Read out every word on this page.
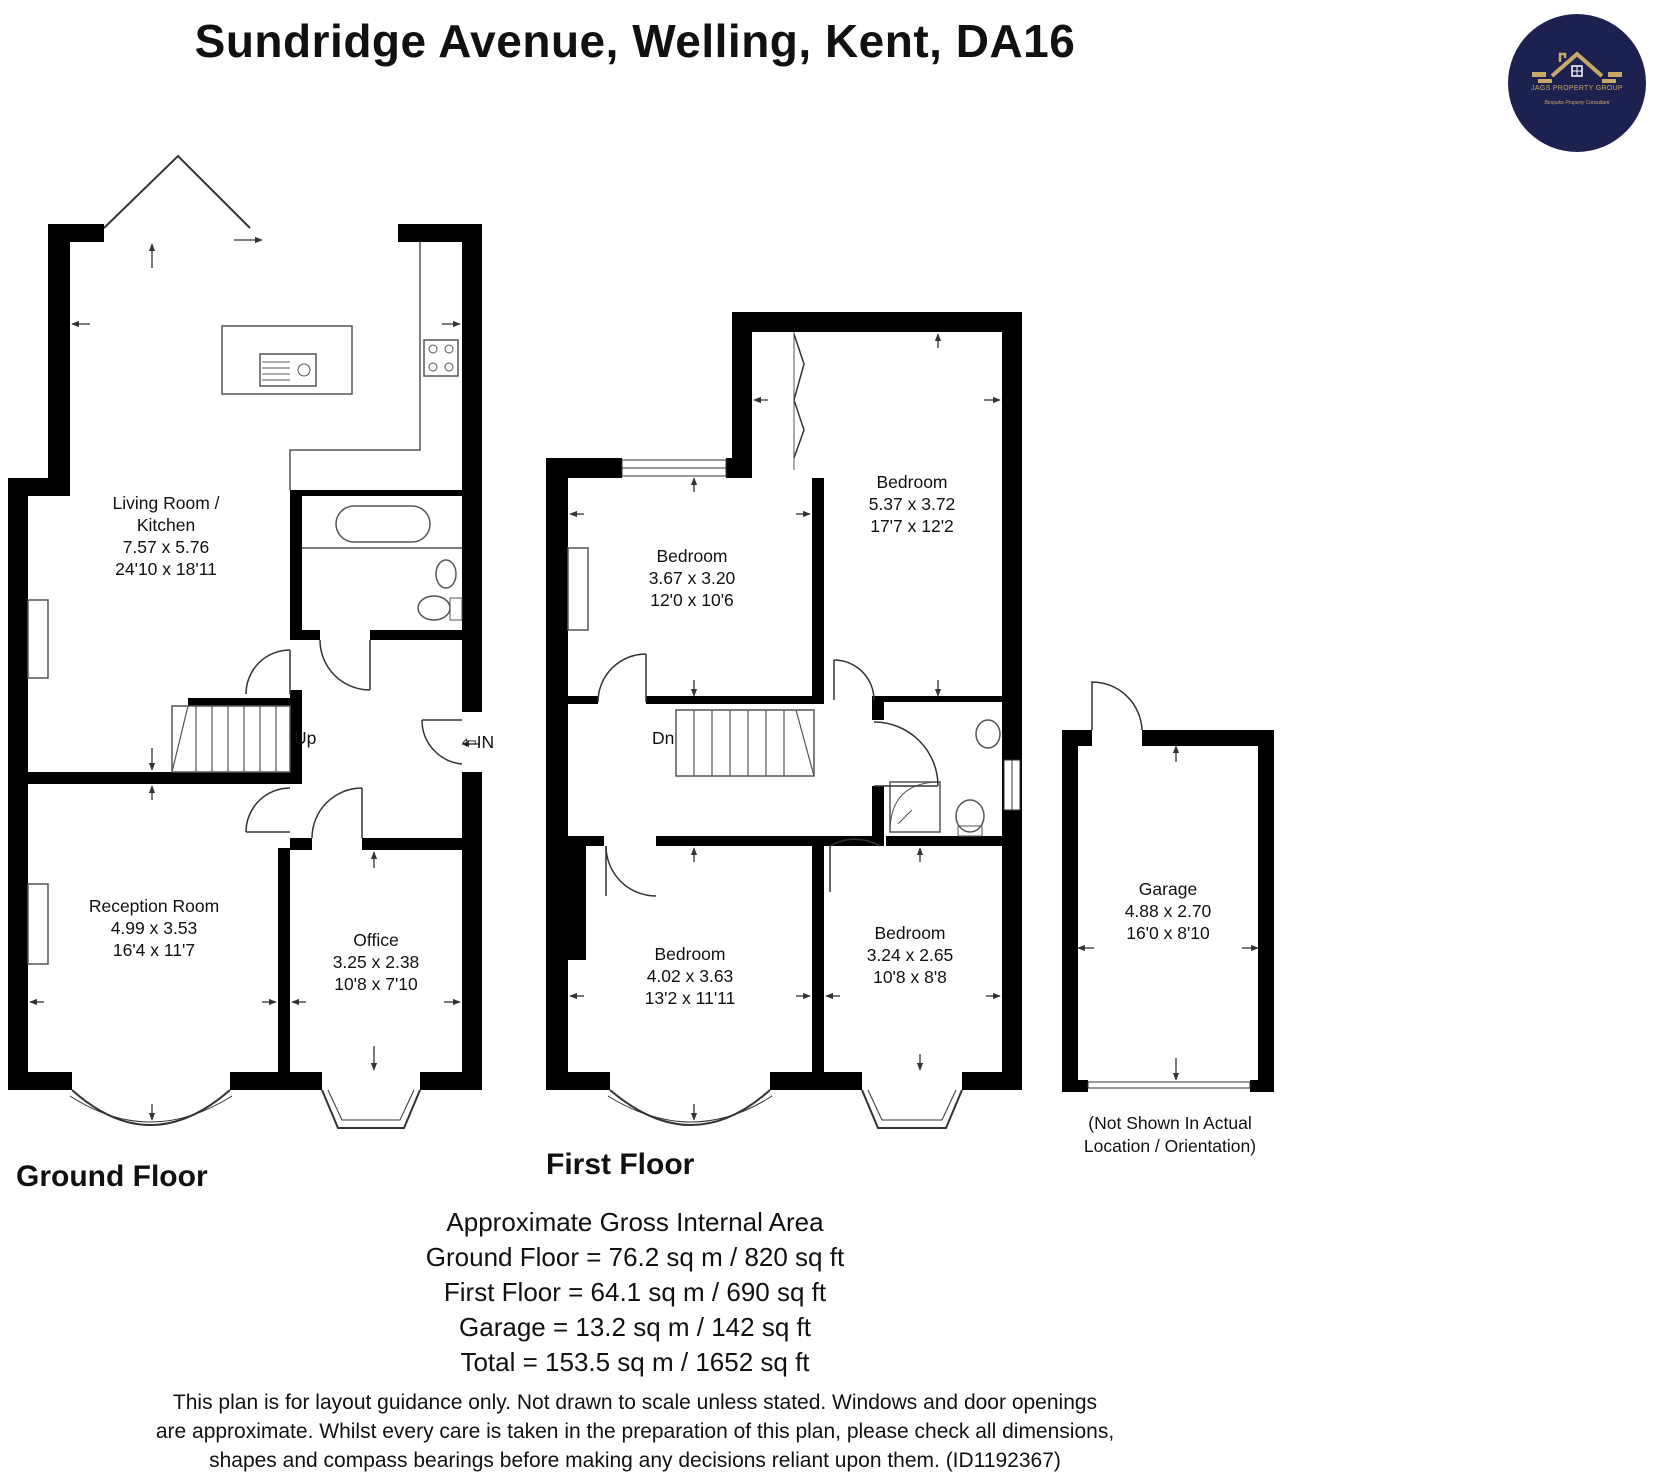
Sundridge Avenue, Welling, Kent, DA16
JAGS PROPERTY GROUP
Bespoke Property Consultant
Living Room /
Kitchen
7.57 x 5.76
24'10 x 18'11
Reception Room
4.99 x 3.53
16'4 x 11'7	Office
3.25 x 2.38
10'8 x 7'10
Up	⇦IN
Ground Floor
Bedroom
3.67 x 3.20
12'0 x 10'6
Bedroom
5.37 x 3.72
17'7 x 12'2
Bedroom
4.02 x 3.63
13'2 x 11'11
Bedroom
3.24 x 2.65
10'8 x 8'8
Dn
First Floor
Garage
4.88 x 2.70
16'0 x 8'10
(Not Shown In Actual
Location / Orientation)
Approximate Gross Internal Area
Ground Floor = 76.2 sq m / 820 sq ft
First Floor = 64.1 sq m / 690 sq ft
Garage = 13.2 sq m / 142 sq ft
Total = 153.5 sq m / 1652 sq ft
This plan is for layout guidance only. Not drawn to scale unless stated. Windows and door openings
are approximate. Whilst every care is taken in the preparation of this plan, please check all dimensions,
shapes and compass bearings before making any decisions reliant upon them. (ID1192367)
